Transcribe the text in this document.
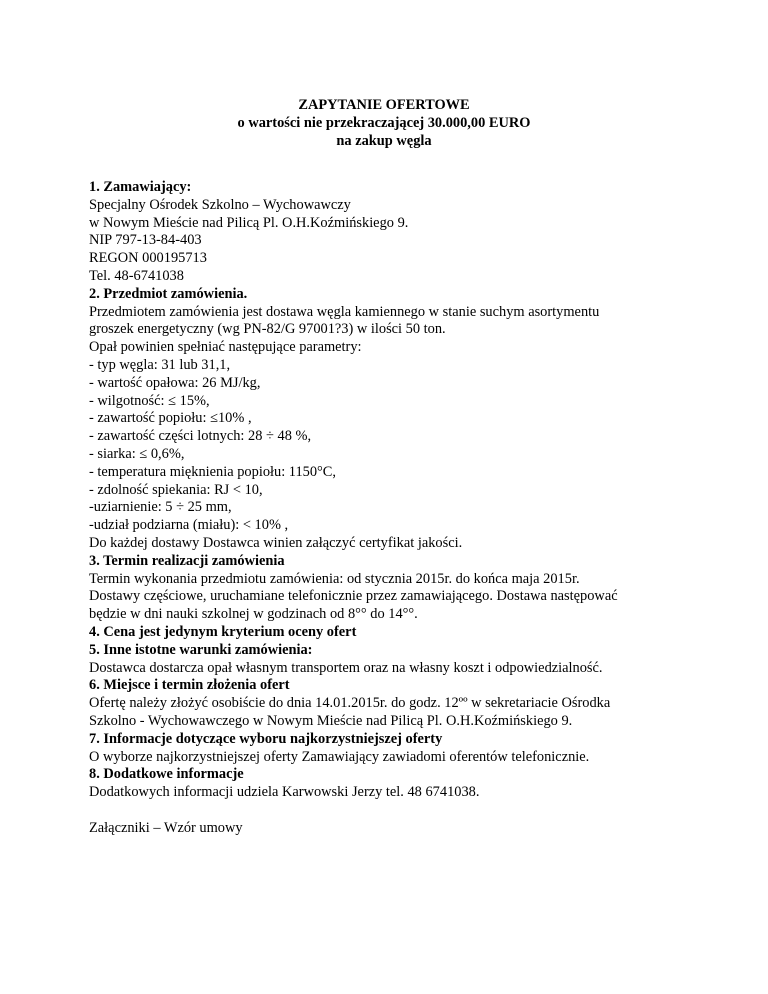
ZAPYTANIE OFERTOWE
o wartości nie przekraczającej 30.000,00 EURO
na zakup węgla
1. Zamawiający:
Specjalny Ośrodek Szkolno – Wychowawczy
w Nowym Mieście nad Pilicą Pl. O.H.Koźmińskiego 9.
NIP 797-13-84-403
REGON 000195713
Tel. 48-6741038
2. Przedmiot zamówienia.
Przedmiotem zamówienia jest dostawa węgla kamiennego w stanie suchym asortymentu
groszek energetyczny (wg PN-82/G 97001?3) w ilości 50 ton.
Opał powinien spełniać następujące parametry:
- typ węgla: 31 lub 31,1,
- wartość opałowa: 26 MJ/kg,
- wilgotność: ≤ 15%,
- zawartość popiołu: ≤10% ,
- zawartość części lotnych: 28 ÷ 48 %,
- siarka: ≤ 0,6%,
- temperatura mięknienia popiołu: 1150°C,
- zdolność spiekania: RJ < 10,
-uziarnienie: 5 ÷ 25 mm,
-udział podziarna (miału): < 10% ,
Do każdej dostawy Dostawca winien załączyć certyfikat jakości.
3. Termin realizacji zamówienia
Termin wykonania przedmiotu zamówienia: od stycznia 2015r. do końca maja 2015r.
Dostawy częściowe, uruchamiane telefonicznie przez zamawiającego. Dostawa następować
będzie w dni nauki szkolnej w godzinach od 8°° do 14°°.
4. Cena jest jedynym kryterium oceny ofert
5. Inne istotne warunki zamówienia:
Dostawca dostarcza opał własnym transportem oraz na własny koszt i odpowiedzialność.
6. Miejsce i termin złożenia ofert
Ofertę należy złożyć osobiście do dnia 14.01.2015r. do godz. 12ºº w sekretariacie Ośrodka
Szkolno - Wychowawczego w Nowym Mieście nad Pilicą Pl. O.H.Koźmińskiego 9.
7. Informacje dotyczące wyboru najkorzystniejszej oferty
O wyborze najkorzystniejszej oferty Zamawiający zawiadomi oferentów telefonicznie.
8. Dodatkowe informacje
Dodatkowych informacji udziela Karwowski Jerzy tel. 48 6741038.
Załączniki – Wzór umowy
